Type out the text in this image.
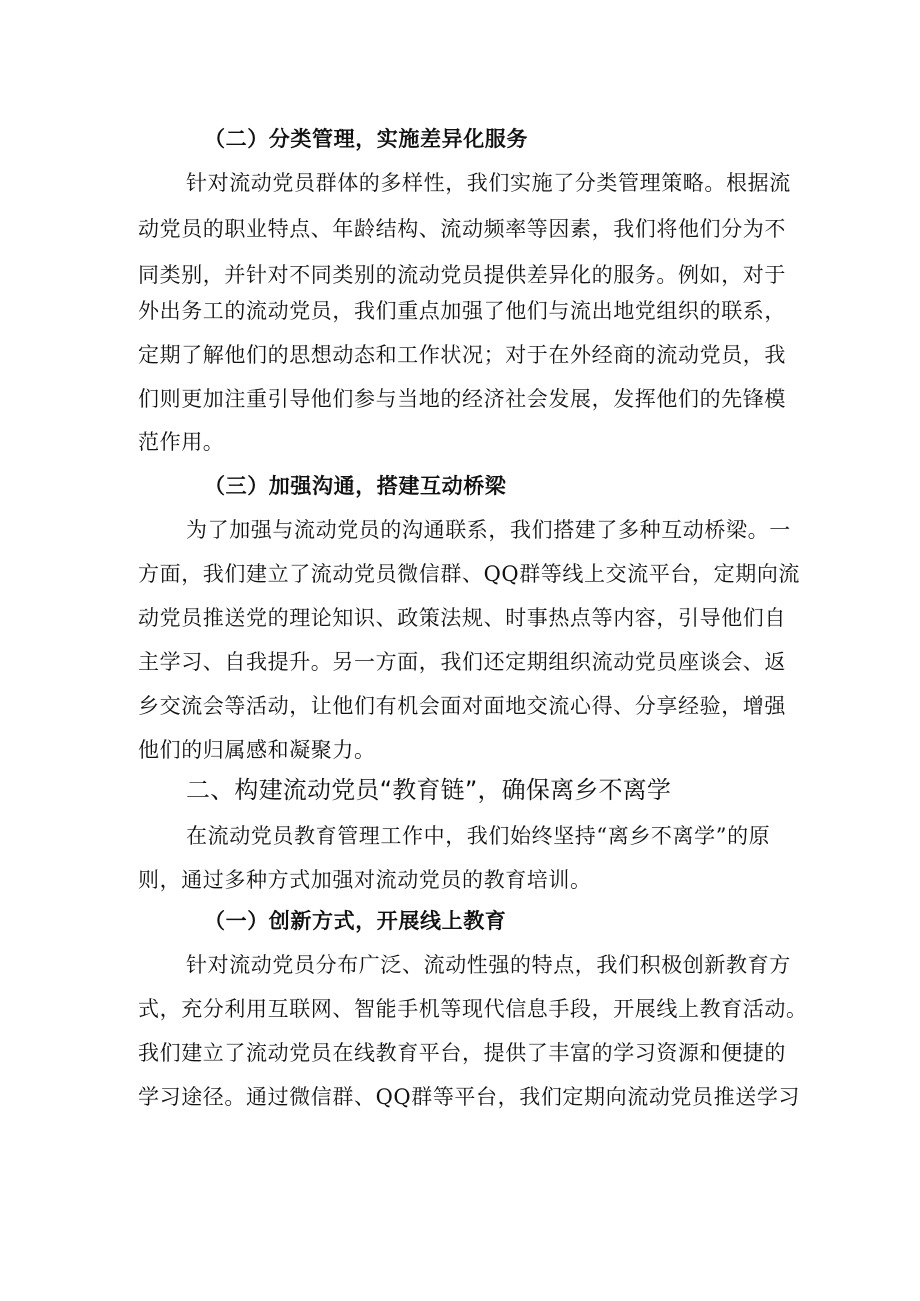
（二）分类管理，实施差异化服务
针对流动党员群体的多样性，我们实施了分类管理策略。根据流
动党员的职业特点、年龄结构、流动频率等因素，我们将他们分为不
同类别，并针对不同类别的流动党员提供差异化的服务。例如，对于
外出务工的流动党员，我们重点加强了他们与流出地党组织的联系，
定期了解他们的思想动态和工作状况；对于在外经商的流动党员，我
们则更加注重引导他们参与当地的经济社会发展，发挥他们的先锋模
范作用。
（三）加强沟通，搭建互动桥梁
为了加强与流动党员的沟通联系，我们搭建了多种互动桥梁。一
方面，我们建立了流动党员微信群、QQ群等线上交流平台，定期向流
动党员推送党的理论知识、政策法规、时事热点等内容，引导他们自
主学习、自我提升。另一方面，我们还定期组织流动党员座谈会、返
乡交流会等活动，让他们有机会面对面地交流心得、分享经验，增强
他们的归属感和凝聚力。
二、构建流动党员“教育链”，确保离乡不离学
在流动党员教育管理工作中，我们始终坚持“离乡不离学”的原
则，通过多种方式加强对流动党员的教育培训。
（一）创新方式，开展线上教育
针对流动党员分布广泛、流动性强的特点，我们积极创新教育方
式，充分利用互联网、智能手机等现代信息手段，开展线上教育活动。
我们建立了流动党员在线教育平台，提供了丰富的学习资源和便捷的
学习途径。通过微信群、QQ群等平台，我们定期向流动党员推送学习
